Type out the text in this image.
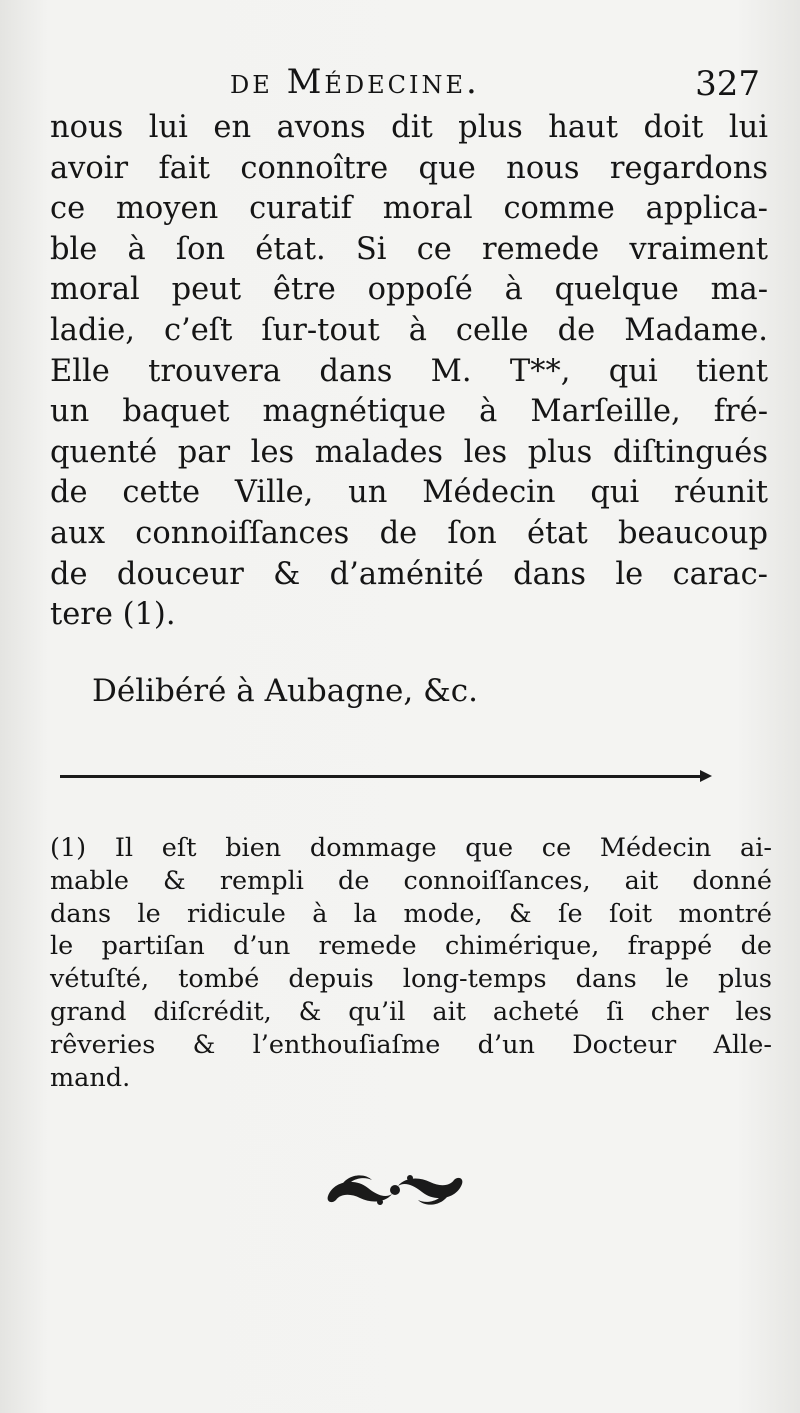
de Médecine.	327
nous lui en avons dit plus haut doit lui
avoir fait connoître que nous regardons
ce moyen curatif moral comme applica-
ble à ſon état. Si ce remede vraiment
moral peut être oppoſé à quelque ma-
ladie, c’eſt ſur-tout à celle de Madame.
Elle trouvera dans M. T**, qui tient
un baquet magnétique à Marſeille, fré-
quenté par les malades les plus diſtingués
de cette Ville, un Médecin qui réunit
aux connoiſſances de ſon état beaucoup
de douceur & d’aménité dans le carac-
tere (1).
Délibéré à Aubagne, &c.
(1) Il eſt bien dommage que ce Médecin ai-
mable & rempli de connoiſſances, ait donné
dans le ridicule à la mode, & ſe ſoit montré
le partiſan d’un remede chimérique, frappé de
vétuſté, tombé depuis long-temps dans le plus
grand diſcrédit, & qu’il ait acheté ſi cher les
rêveries & l’enthouſiaſme d’un Docteur Alle-
mand.
